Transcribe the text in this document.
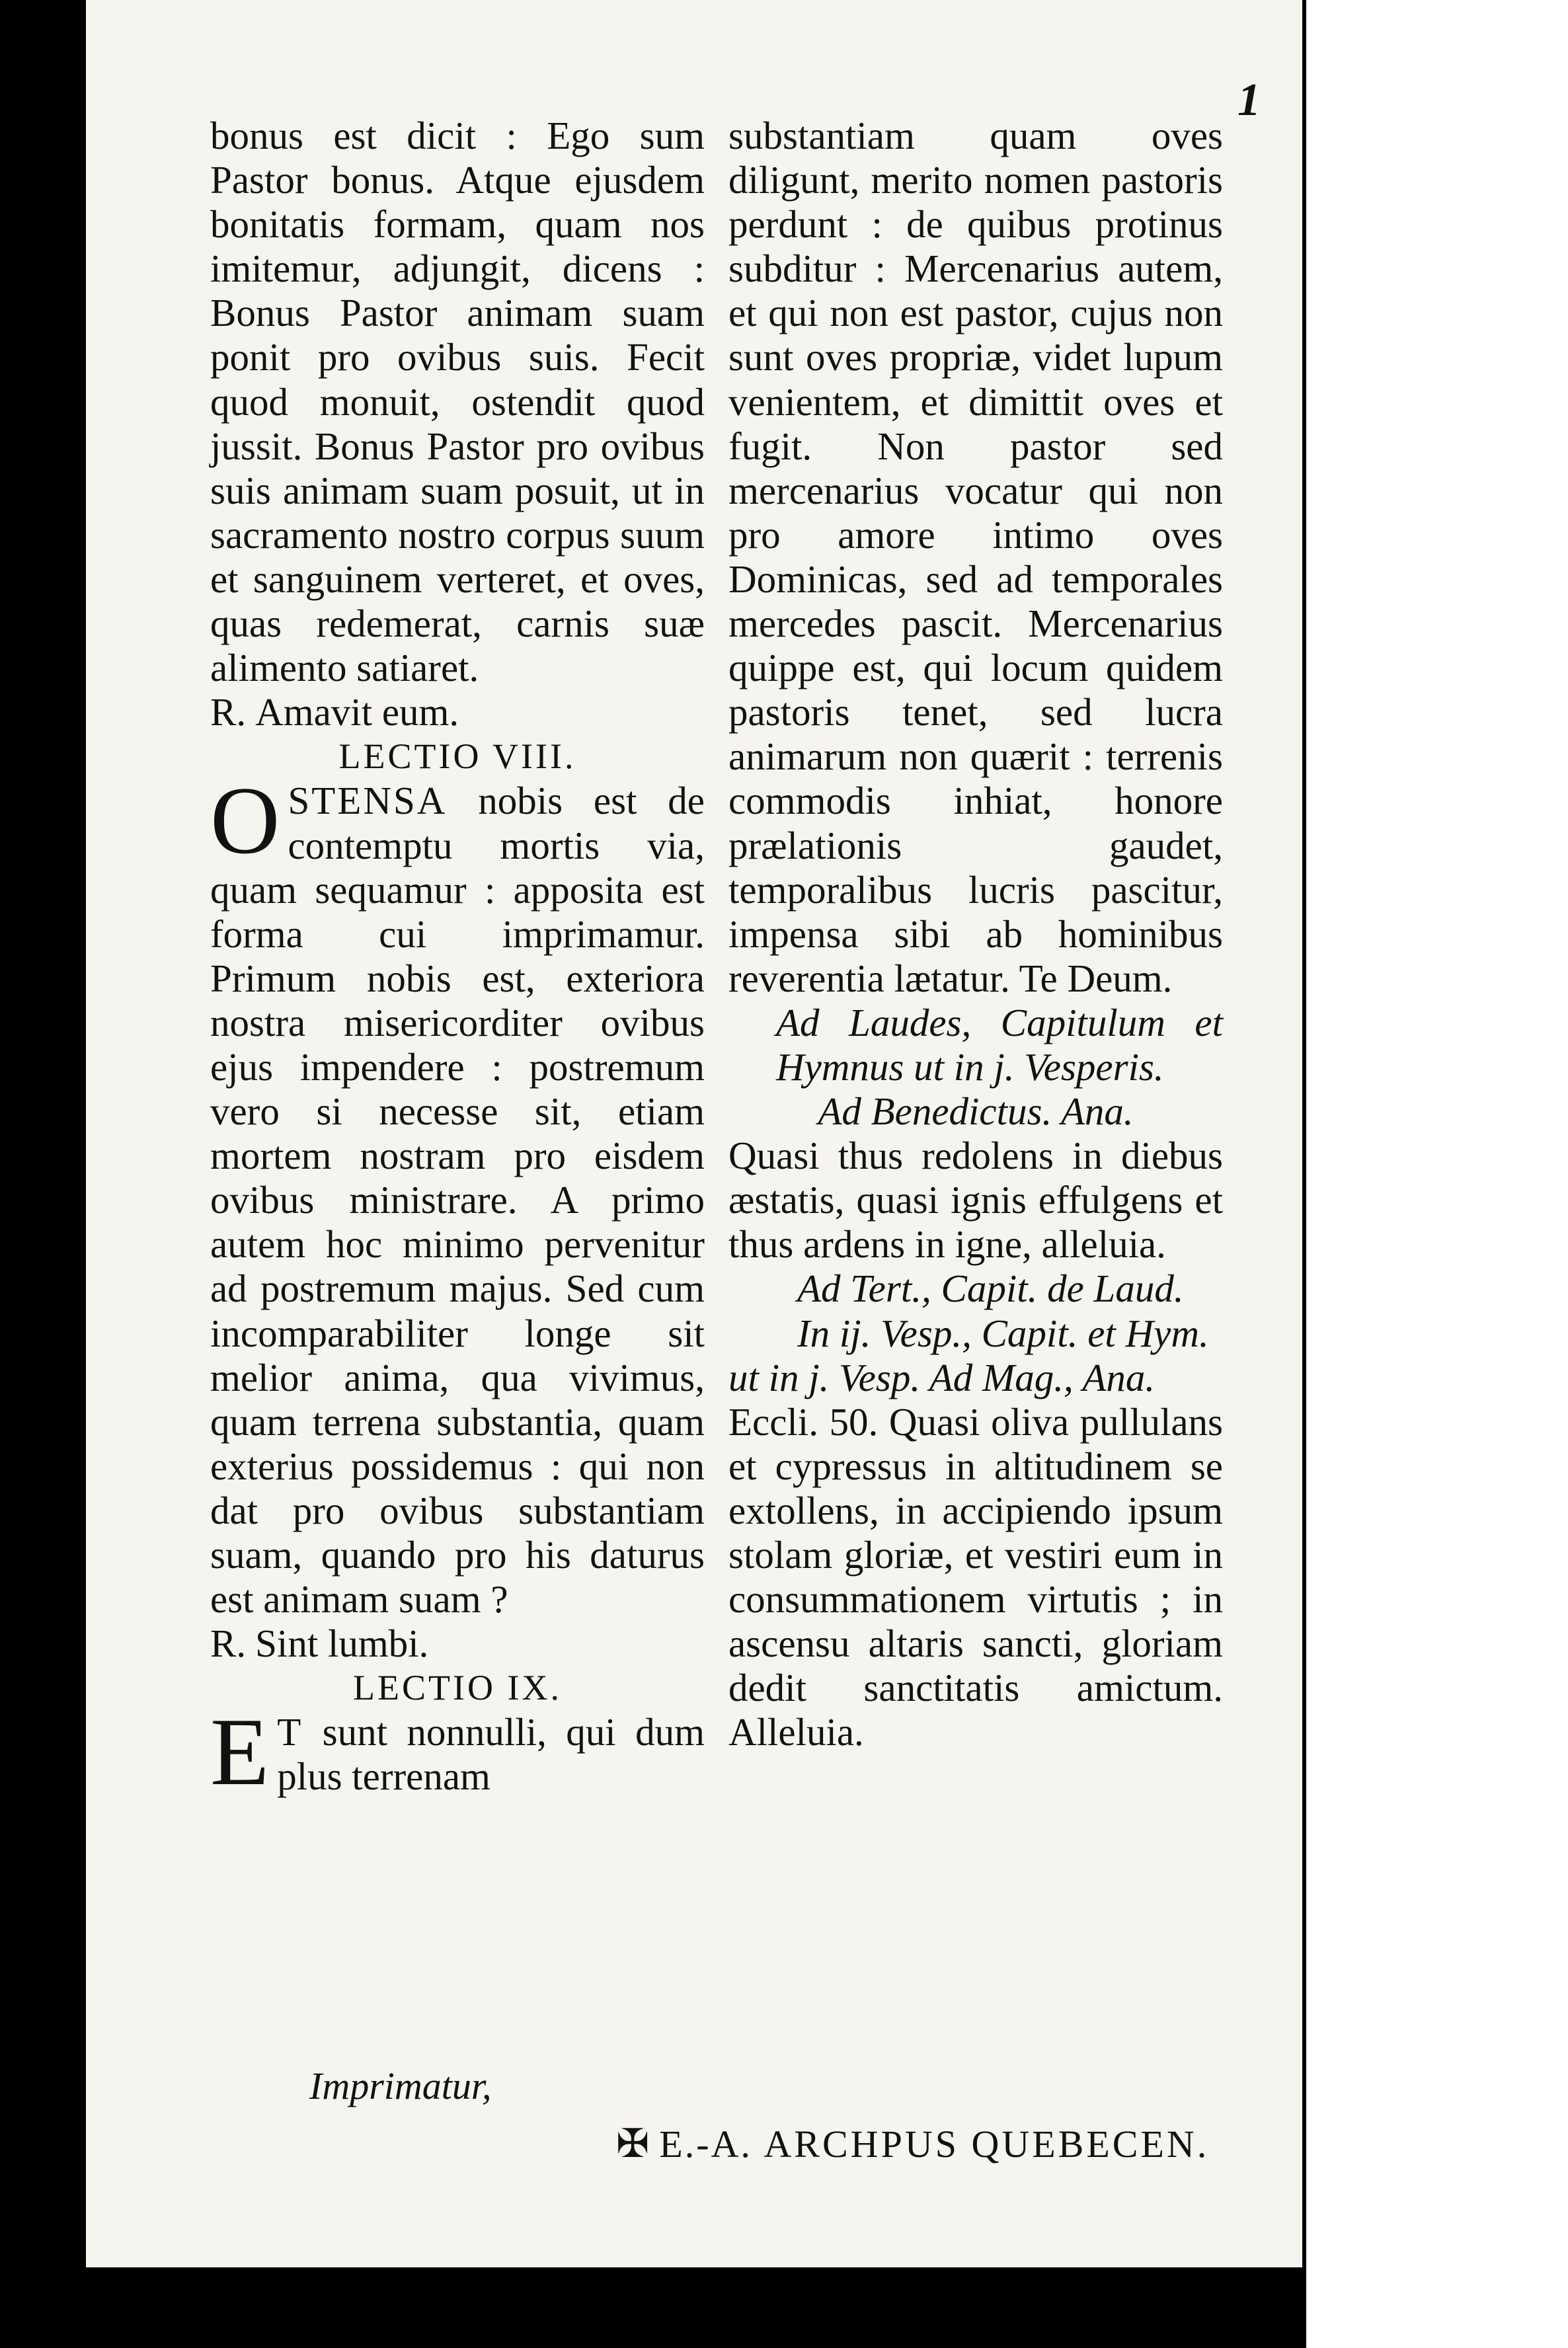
1

bonus est dicit : Ego sum Pastor bonus. Atque ejusdem bonitatis formam, quam nos imitemur, adjungit, dicens : Bonus Pastor animam suam ponit pro ovibus suis. Fecit quod monuit, ostendit quod jussit. Bonus Pastor pro ovibus suis animam suam posuit, ut in sacramento nostro corpus suum et sanguinem verteret, et oves, quas redemerat, carnis suæ alimento satiaret.

R. Amavit eum.

LECTIO VIII.

OSTENSA nobis est de contemptu mortis via, quam sequamur : apposita est forma cui imprimamur. Primum nobis est, exteriora nostra misericorditer ovibus ejus impendere : postremum vero si necesse sit, etiam mortem nostram pro eisdem ovibus ministrare. A primo autem hoc minimo pervenitur ad postremum majus. Sed cum incomparabiliter longe sit melior anima, qua vivimus, quam terrena substantia, quam exterius possidemus : qui non dat pro ovibus substantiam suam, quando pro his daturus est animam suam ?

R. Sint lumbi.

LECTIO IX.

E T sunt nonnulli, qui dum plus terrenam

substantiam quam oves diligunt, merito nomen pastoris perdunt : de quibus protinus subditur : Mercenarius autem, et qui non est pastor, cujus non sunt oves propriæ, videt lupum venientem, et dimittit oves et fugit. Non pastor sed mercenarius vocatur qui non pro amore intimo oves Dominicas, sed ad temporales mercedes pascit. Mercenarius quippe est, qui locum quidem pastoris tenet, sed lucra animarum non quærit : terrenis commodis inhiat, honore prælationis gaudet, temporalibus lucris pascitur, impensa sibi ab hominibus reverentia lætatur. Te Deum.

Ad Laudes, Capitulum et Hymnus ut in j. Vesperis.

Ad Benedictus. Ana.

Quasi thus redolens in diebus æstatis, quasi ignis effulgens et thus ardens in igne, alleluia.

Ad Tert., Capit. de Laud.

In ij. Vesp., Capit. et Hym.

ut in j. Vesp. Ad Mag., Ana.

Eccli. 50. Quasi oliva pullulans et cypressus in altitudinem se extollens, in accipiendo ipsum stolam gloriæ, et vestiri eum in consummationem virtutis ; in ascensu altaris sancti, gloriam dedit sanctitatis amictum. Alleluia.

Imprimatur,
✠ E.-A. ARCHPUS QUEBECEN.
